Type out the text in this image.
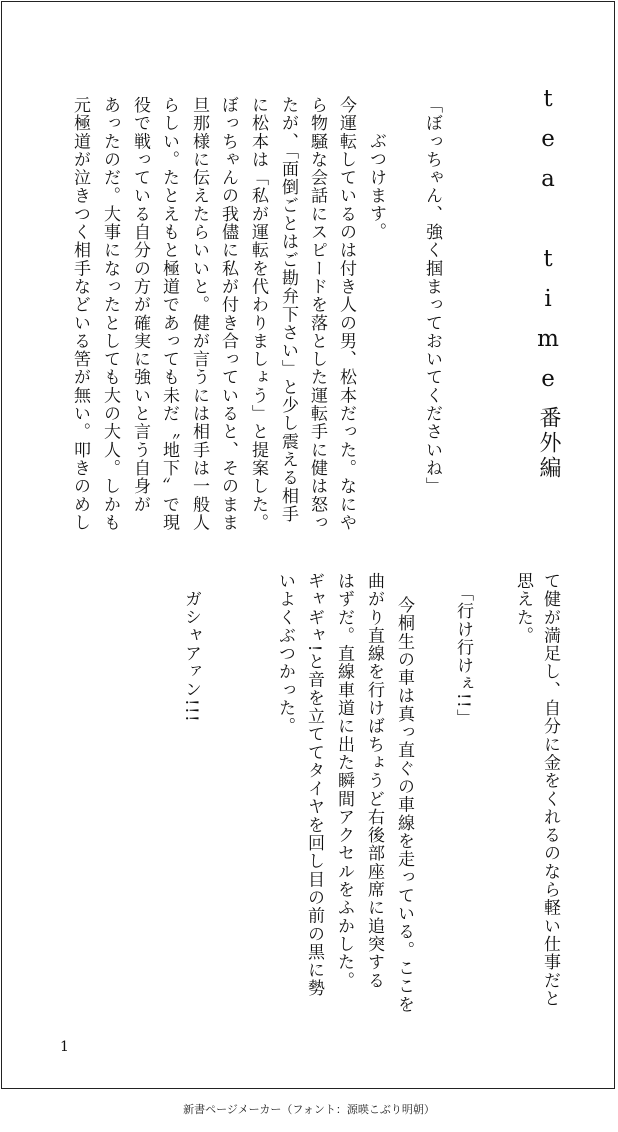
tea time番外編
て健が満足し、自分に金をくれるのなら軽い仕事だと
思えた。
「行け行けぇ!!」
今桐生の車は真っ直ぐの車線を走っている。ここを
曲がり直線を行けばちょうど右後部座席に追突する
はずだ。直線車道に出た瞬間アクセルをふかした。
ギャギャ!と音を立ててタイヤを回し目の前の黒に勢
いよくぶつかった。
ガシャアァン!!!
「ぼっちゃん、強く掴まっておいてくださいね」
ぶつけます。
今運転しているのは付き人の男、松本だった。なにや
ら物騒な会話にスピードを落とした運転手に健は怒っ
たが、「面倒ごとはご勘弁下さい」と少し震える相手
に松本は「私が運転を代わりましょう」と提案した。
ぼっちゃんの我儘に私が付き合っていると、そのまま
旦那様に伝えたらいいと。健が言うには相手は一般人
らしい。たとえもと極道であっても未だ〝地下〟で現
役で戦っている自分の方が確実に強いと言う自身が
あったのだ。大事になったとしても大の大人。しかも
元極道が泣きつく相手などいる筈が無い。叩きのめし
1
新書ページメーカー（フォント：源暎こぶり明朝）
